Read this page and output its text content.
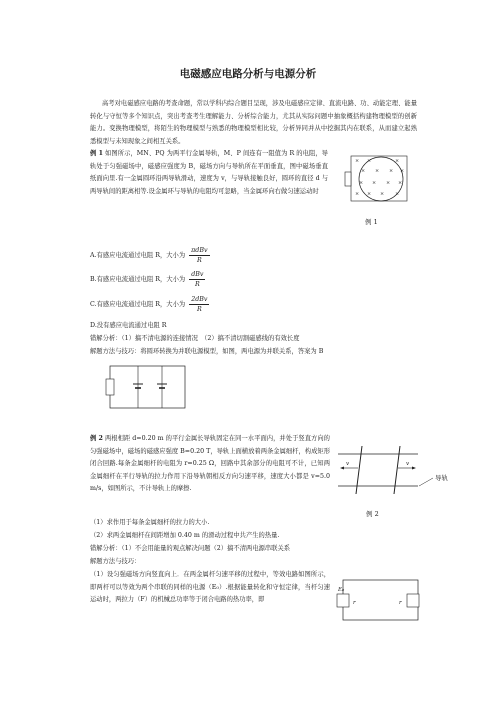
电磁感应电路分析与电源分析
高考对电磁感应电路的考查命题，常以学科内综合题目呈现，涉及电磁感应定律、直流电路、功、动能定理、能量转化与守恒等多个知识点，突出考查考生理解能力、分析综合能力，尤其从实际问题中抽象概括构建物理模型的创新能力。变换物理模型，将陌生的物理模型与熟悉的物理模型相比较，分析异同并从中挖掘其内在联系，从而建立起熟悉模型与未知现象之间相互关系。
例 1 如图所示，MN、PQ 为两平行金属导轨，M、P 间连有一阻值为 R 的电阻，导轨处于匀强磁场中，磁感应强度为 B，磁场方向与导轨所在平面垂直，图中磁场垂直纸面向里.有一金属圆环沿两导轨滑动，速度为 v，与导轨接触良好，圆环的直径 d 与两导轨间的距离相等.设金属环与导轨的电阻均可忽略，当金属环向右做匀速运动时
× ×	×
× × × ×
× × × ×
× × × ×
例 1
A.有感应电流通过电阻 R，大小为 $\frac{\text{πdBv}}{R}$
B.有感应电流通过电阻 R，大小为 $\frac{\text{dBv}}{R}$
C.有感应电流通过电阻 R，大小为 $\frac{\text{2dBv}}{R}$
D.没有感应电流通过电阻 R
错解分析：（1）搞不清电源的连接情况　（2）搞不清切割磁感线的有效长度
解题方法与技巧：将圆环转换为并联电源模型，如图，两电源为并联关系，答案为 B
例 2 两根相距 d=0.20 m 的平行金属长导轨固定在同一水平面内，并处于竖直方向的匀强磁场中，磁场的磁感应强度 B=0.20 T，导轨上面横放着两条金属细杆，构成矩形闭合回路.每条金属细杆的电阻为 r=0.25 Ω，回路中其余部分的电阻可不计，已知两金属细杆在平行导轨的拉力作用下沿导轨朝相反方向匀速平移，速度大小都是 v=5.0 m/s，如图所示，不计导轨上的摩擦.
v	v
导轨
例 2
（1）求作用于每条金属细杆的拉力的大小.
（2）求两金属细杆在间距增加 0.40 m 的滑动过程中共产生的热量.
错解分析：（1）不会用能量的观点解决问题（2）搞不清两电源串联关系
解题方法与技巧：
（1）设匀强磁场方向竖直向上．在两金属杆匀速平移的过程中，等效电路如图所示，即两杆可以等效为两个串联的同样的电源（E₀）.根据能量转化和守恒定律，当杆匀速运动时，两拉力（F）的机械总功率等于闭合电路的热功率，即
E₀
r	r
